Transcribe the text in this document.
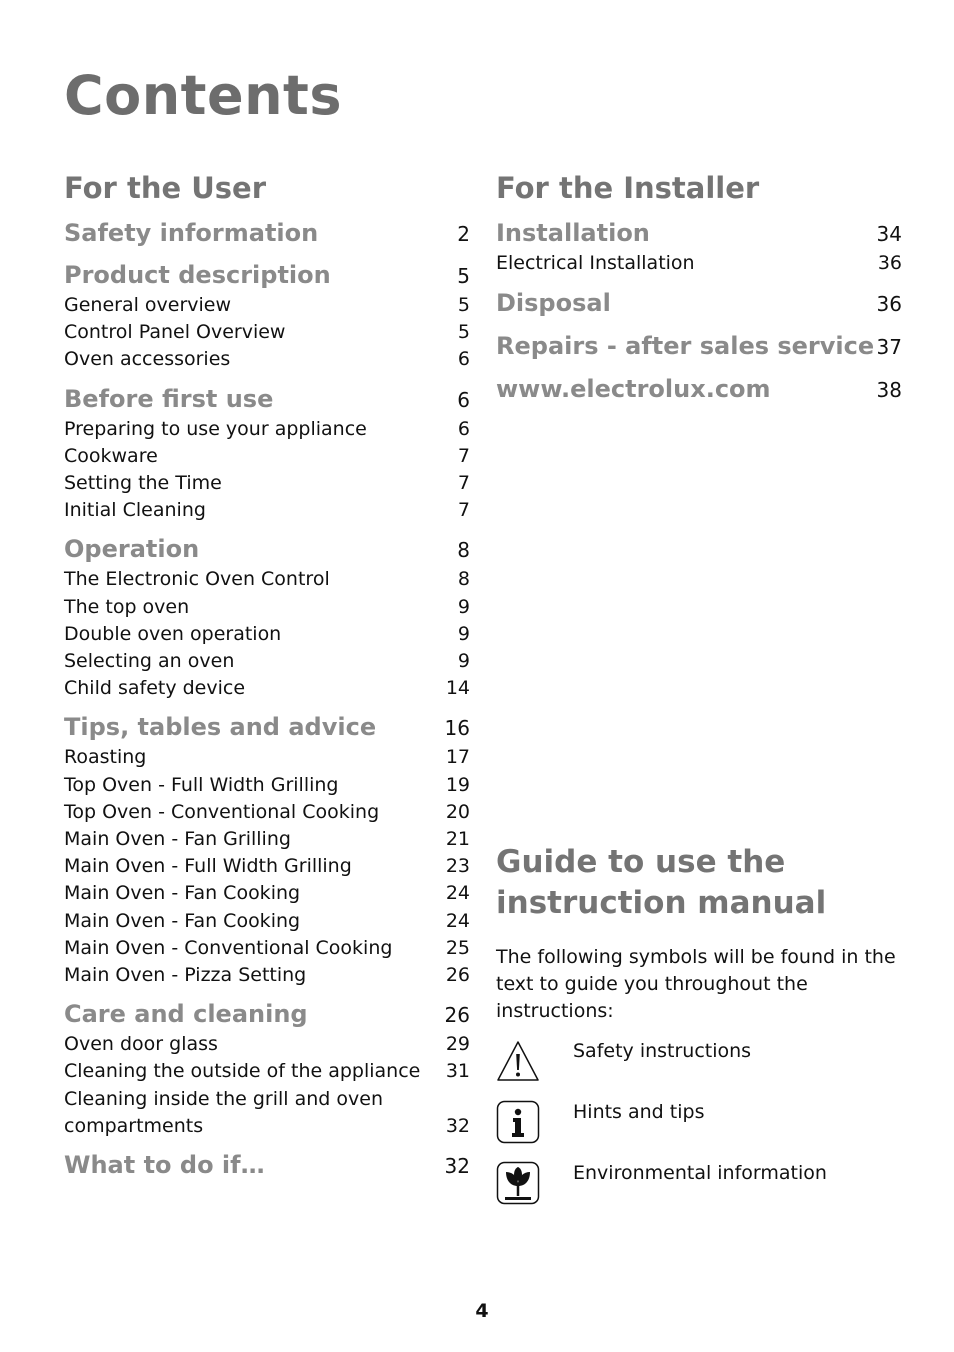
Contents
For the User
Safety information	2
Product description	5
General overview	5
Control Panel Overview	5
Oven accessories	6
Before first use	6
Preparing to use your appliance	6
Cookware	7
Setting the Time	7
Initial Cleaning	7
Operation	8
The Electronic Oven Control	8
The top oven	9
Double oven operation	9
Selecting an oven	9
Child safety device	14
Tips, tables and advice	16
Roasting	17
Top Oven - Full Width Grilling	19
Top Oven - Conventional Cooking	20
Main Oven - Fan Grilling	21
Main Oven - Full Width Grilling	23
Main Oven - Fan Cooking	24
Main Oven - Fan Cooking	24
Main Oven - Conventional Cooking	25
Main Oven - Pizza Setting	26
Care and cleaning	26
Oven door glass	29
Cleaning the outside of the appliance 31
Cleaning inside the grill and oven compartments	32
What to do if…	32
For the Installer
Installation	34
Electrical Installation	36
Disposal	36
Repairs - after sales service 37
www.electrolux.com	38
Guide to use the
instruction manual
The following symbols will be found in the text to guide you throughout the instructions:
Safety instructions
Hints and tips
Environmental information
4
